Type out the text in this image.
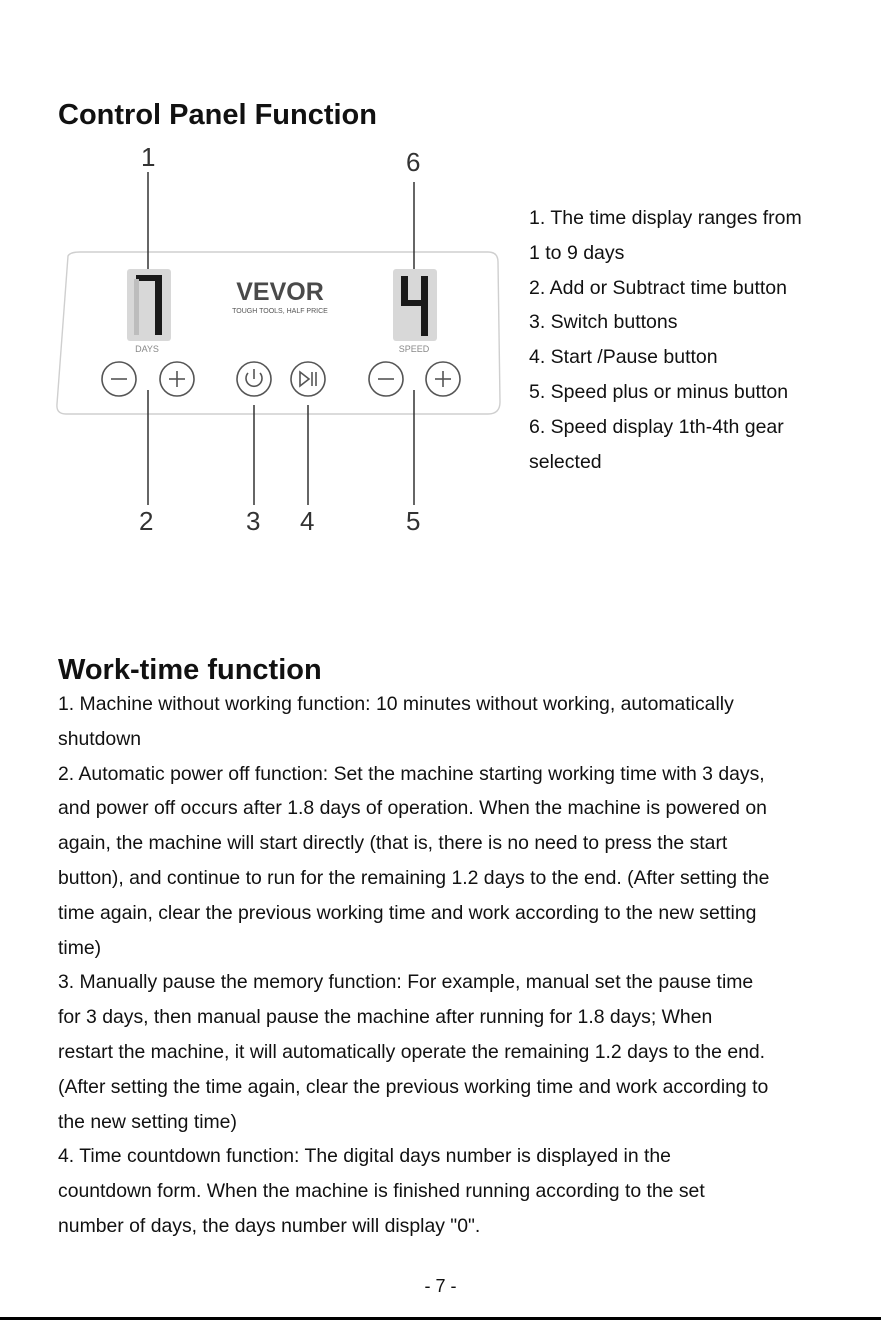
Control Panel Function
DAYS
VEVOR
TOUGH TOOLS, HALF PRICE
SPEED
1	6
2	3 4	5
1. The time display ranges from
1 to 9 days
2. Add or Subtract time button
3. Switch buttons
4. Start /Pause button
5. Speed plus or minus button
6. Speed display 1th-4th gear
selected
Work-time function
1. Machine without working function: 10 minutes without working, automatically
shutdown
2. Automatic power off function: Set the machine starting working time with 3 days,
and power off occurs after 1.8 days of operation. When the machine is powered on
again, the machine will start directly (that is, there is no need to press the start
button), and continue to run for the remaining 1.2 days to the end. (After setting the
time again, clear the previous working time and work according to the new setting
time)
3. Manually pause the memory function: For example, manual set the pause time
for 3 days, then manual pause the machine after running for 1.8 days; When
restart the machine, it will automatically operate the remaining 1.2 days to the end.
(After setting the time again, clear the previous working time and work according to
the new setting time)
4. Time countdown function: The digital days number is displayed in the
countdown form. When the machine is finished running according to the set
number of days, the days number will display "0".
- 7 -
